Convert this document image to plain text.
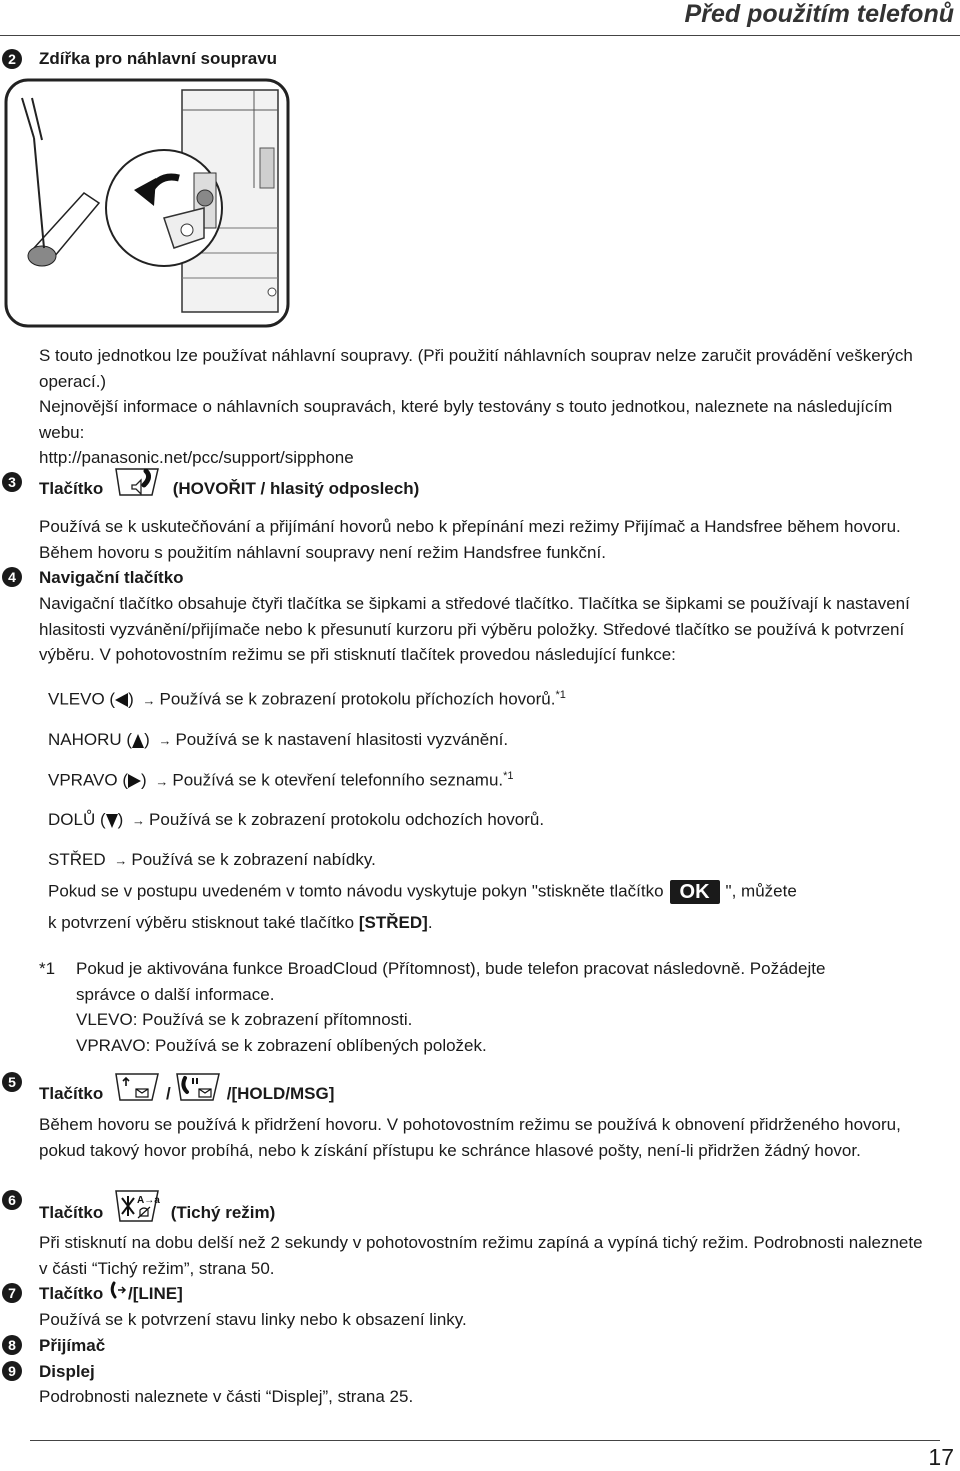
Před použitím telefonů
2	Zdířka pro náhlavní soupravu

S touto jednotkou lze používat náhlavní soupravy. (Při použití náhlavních souprav nelze zaručit provádění veškerých operací.)

Nejnovější informace o náhlavních soupravách, které byly testovány s touto jednotkou, naleznete na následujícím webu:

http://panasonic.net/pcc/support/sipphone

3	Tlačítko	(HOVOŘIT / hlasitý odposlech)
Používá se k uskutečňování a přijímání hovorů nebo k přepínání mezi režimy Přijímač a Handsfree během hovoru. Během hovoru s použitím náhlavní soupravy není režim Handsfree funkční.
4	Navigační tlačítko
Navigační tlačítko obsahuje čtyři tlačítka se šipkami a středové tlačítko. Tlačítka se šipkami se používají k nastavení hlasitosti vyzvánění/přijímače nebo k přesunutí kurzoru při výběru položky. Středové tlačítko se používá k potvrzení výběru. V pohotovostním režimu se při stisknutí tlačítek provedou následující funkce:
VLEVO ( ) → Používá se k zobrazení protokolu příchozích hovorů.$^{*1}$
NAHORU ( ) → Používá se k nastavení hlasitosti vyzvánění.
VPRAVO ( ) → Používá se k otevření telefonního seznamu.$^{*1}$
DOLŮ ( ) → Používá se k zobrazení protokolu odchozích hovorů.
STŘED → Používá se k zobrazení nabídky.
Pokud se v postupu uvedeném v tomto návodu vyskytuje pokyn "stiskněte tlačítko OK ", můžete
k potvrzení výběru stisknout také tlačítko [STŘED].
*1 Pokud je aktivována funkce BroadCloud (Přítomnost), bude telefon pracovat následovně. Požádejte

správce o další informace.

VLEVO: Používá se k zobrazení přítomnosti.

VPRAVO: Používá se k zobrazení oblíbených položek.

5
Tlačítko	/	/[HOLD/MSG]
Během hovoru se používá k přidržení hovoru. V pohotovostním režimu se používá k obnovení přidrženého hovoru, pokud takový hovor probíhá, nebo k získání přístupu ke schránce hlasové pošty, není-li přidržen žádný hovor.
6
Tlačítko
A→a
(Tichý režim)
Při stisknutí na dobu delší než 2 sekundy v pohotovostním režimu zapíná a vypíná tichý režim. Podrobnosti naleznete v části “Tichý režim”, strana 50.
7	Tlačítko /[LINE]
Používá se k potvrzení stavu linky nebo k obsazení linky.
8	Přijímač
9	Displej
Podrobnosti naleznete v části “Displej”, strana 25.
17
